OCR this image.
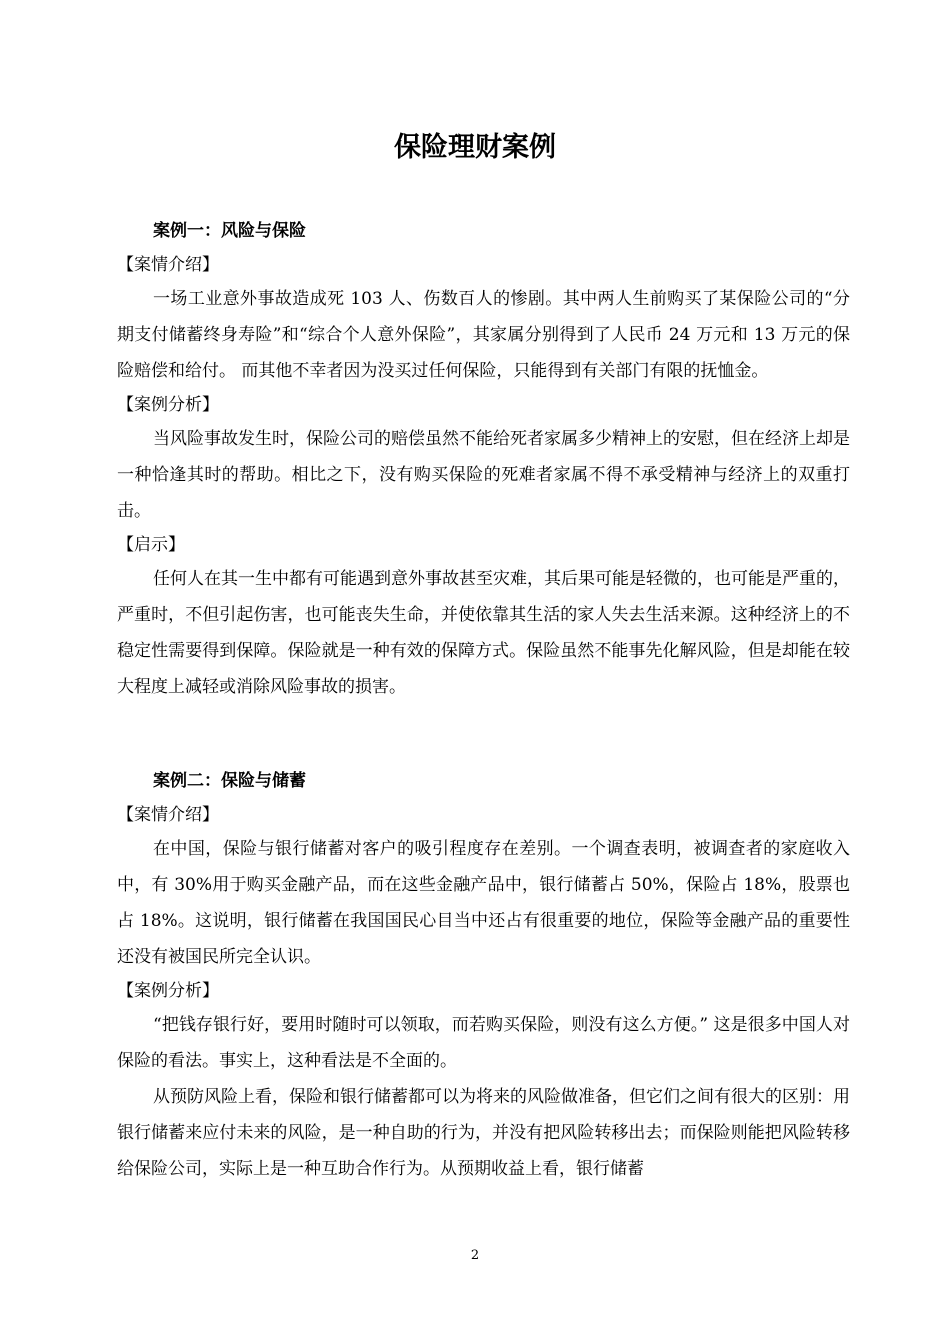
保险理财案例
案例一：风险与保险
【案情介绍】

一场工业意外事故造成死 103 人、伤数百人的惨剧。其中两人生前购买了某保险公司的“分期支付储蓄终身寿险”和“综合个人意外保险”，其家属分别得到了人民币 24 万元和 13 万元的保险赔偿和给付。 而其他不幸者因为没买过任何保险，只能得到有关部门有限的抚恤金。

【案例分析】

当风险事故发生时，保险公司的赔偿虽然不能给死者家属多少精神上的安慰，但在经济上却是一种恰逢其时的帮助。相比之下，没有购买保险的死难者家属不得不承受精神与经济上的双重打击。

【启示】

任何人在其一生中都有可能遇到意外事故甚至灾难，其后果可能是轻微的，也可能是严重的，严重时，不但引起伤害，也可能丧失生命，并使依靠其生活的家人失去生活来源。这种经济上的不稳定性需要得到保障。保险就是一种有效的保障方式。保险虽然不能事先化解风险，但是却能在较大程度上减轻或消除风险事故的损害。

案例二：保险与储蓄
【案情介绍】

在中国，保险与银行储蓄对客户的吸引程度存在差别。一个调查表明，被调查者的家庭收入中，有 30%用于购买金融产品，而在这些金融产品中，银行储蓄占 50%，保险占 18%，股票也占 18%。这说明，银行储蓄在我国国民心目当中还占有很重要的地位，保险等金融产品的重要性还没有被国民所完全认识。

【案例分析】

“把钱存银行好，要用时随时可以领取，而若购买保险，则没有这么方便。” 这是很多中国人对保险的看法。事实上，这种看法是不全面的。

从预防风险上看，保险和银行储蓄都可以为将来的风险做准备，但它们之间有很大的区别：用银行储蓄来应付未来的风险，是一种自助的行为，并没有把风险转移出去；而保险则能把风险转移给保险公司，实际上是一种互助合作行为。从预期收益上看，银行储蓄

2
